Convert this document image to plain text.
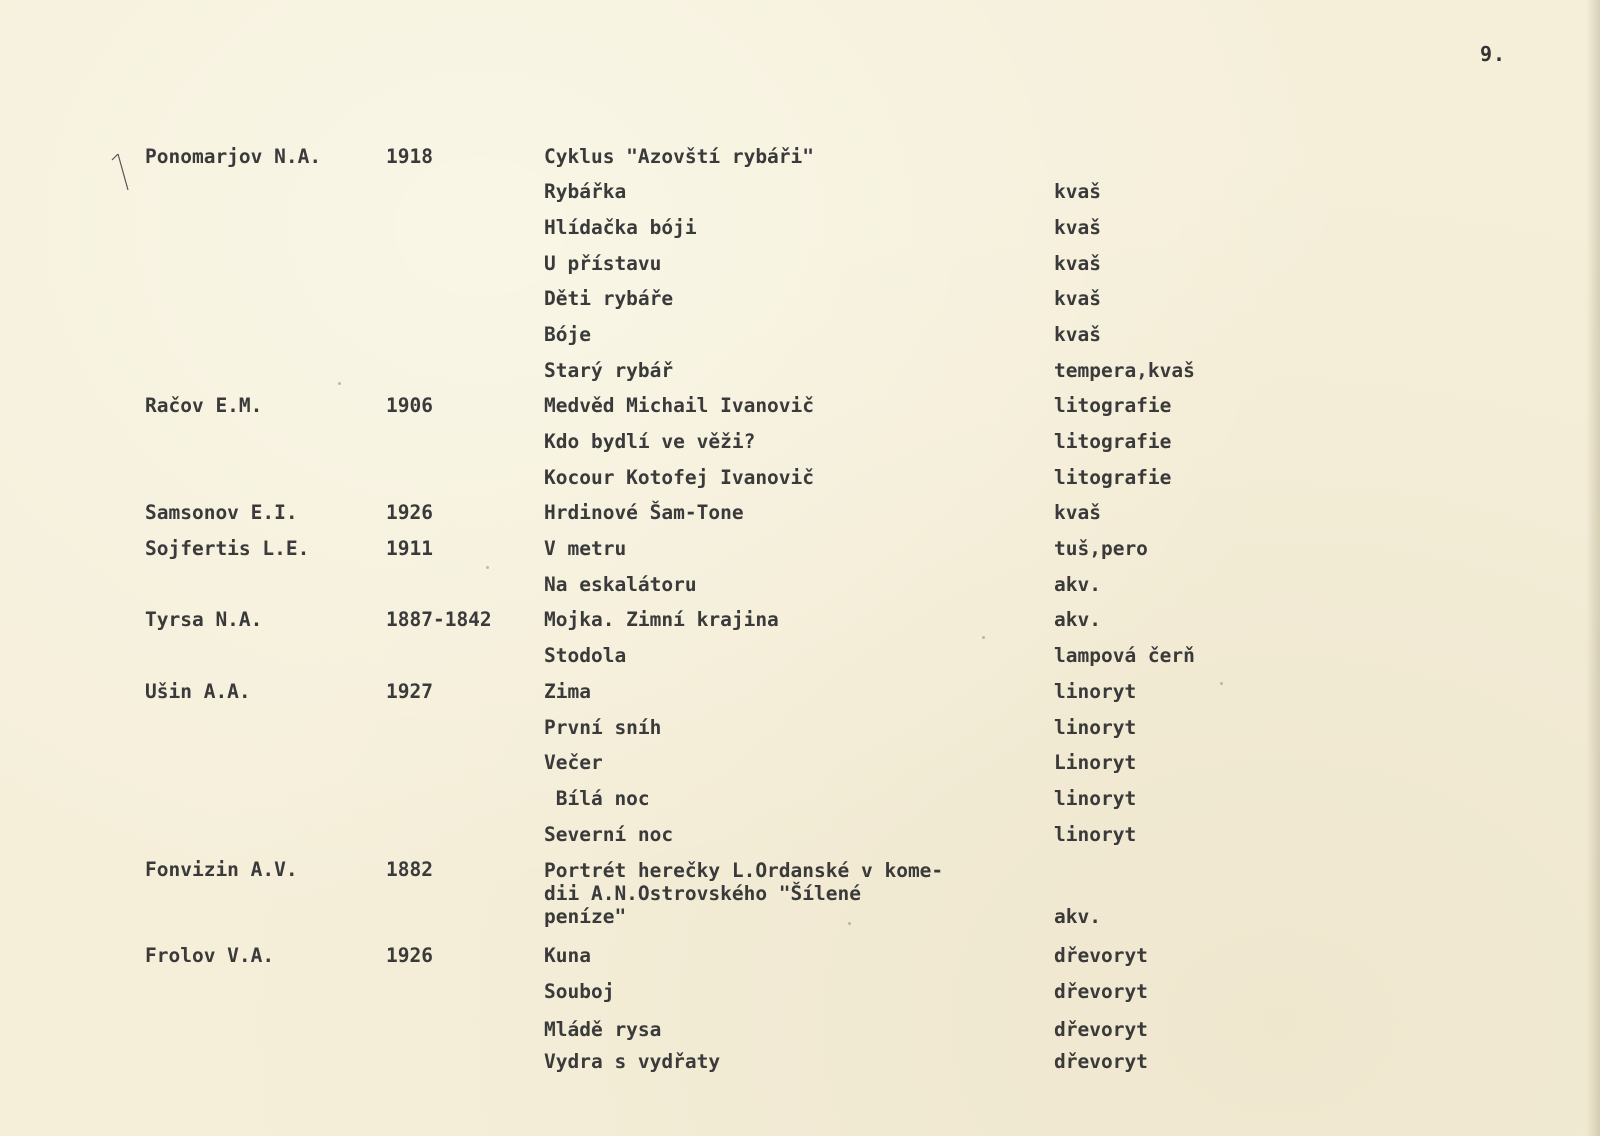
9.
Ponomarjov N.A.	1918	Cyklus "Azovští rybáři"
Rybářka	kvaš
Hlídačka bóji	kvaš
U přístavu	kvaš
Děti rybáře	kvaš
Bóje	kvaš
Starý rybář	tempera,kvaš
Račov E.M.	1906	Medvěd Michail Ivanovič	litografie
Kdo bydlí ve věži?	litografie
Kocour Kotofej Ivanovič	litografie
Samsonov E.I.	1926	Hrdinové Šam-Tone	kvaš
Sojfertis L.E.	1911	V metru	tuš,pero
Na eskalátoru	akv.
Tyrsa N.A.	1887-1842	Mojka. Zimní krajina	akv.
Stodola	lampová čerň
Ušin A.A.	1927	Zima	linoryt
První sníh	linoryt
Večer	Linoryt
Bílá noc	linoryt
Severní noc	linoryt
Fonvizin A.V.	1882	Portrét herečky L.Ordanské v kome-
dii A.N.Ostrovského "Šílené
peníze"	akv.
Frolov V.A.	1926	Kuna	dřevoryt
Souboj	dřevoryt
Mládě rysa	dřevoryt
Vydra s vydřaty	dřevoryt
